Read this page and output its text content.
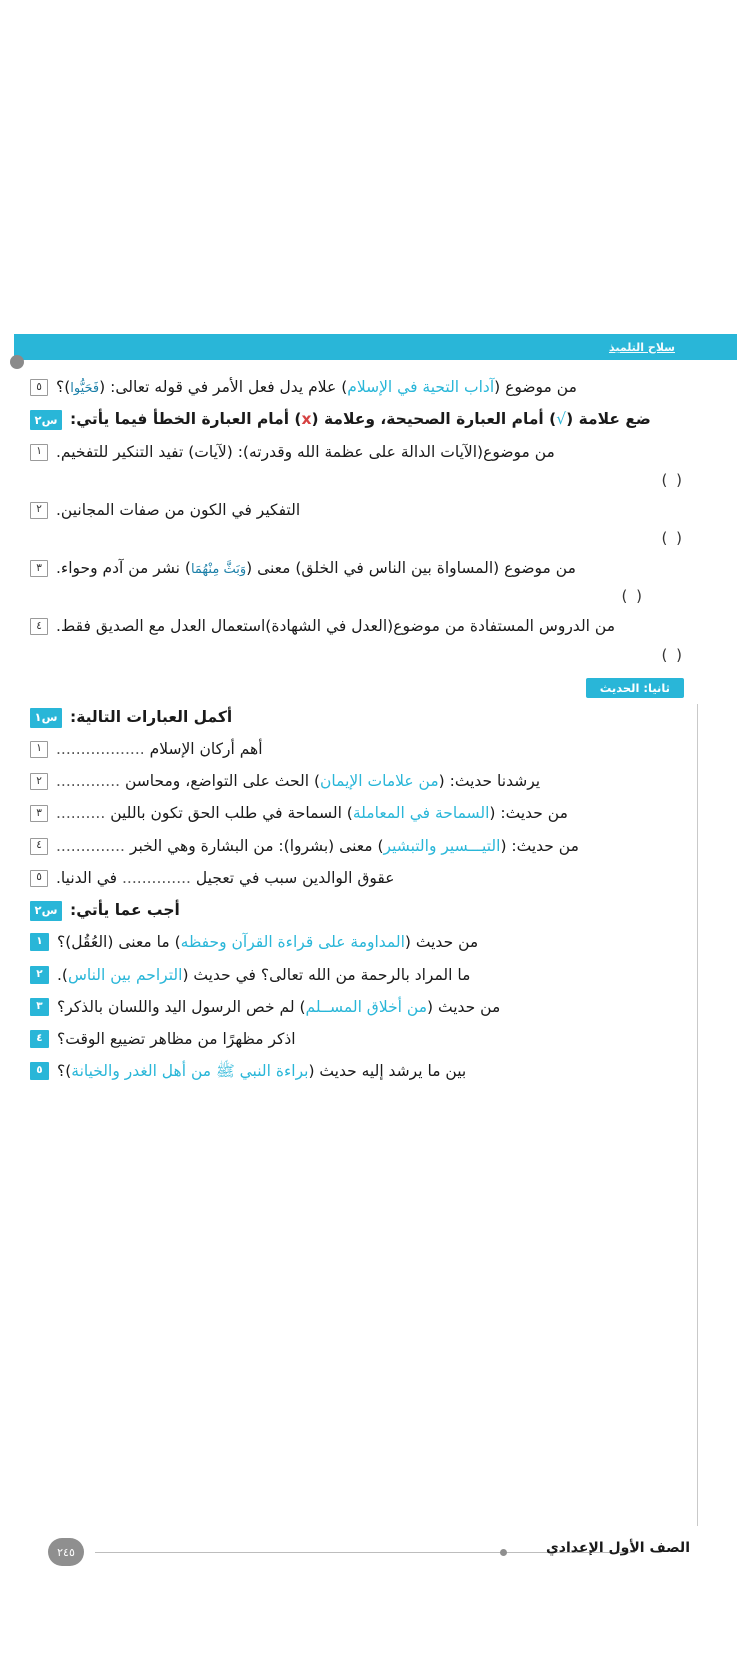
سلاح التلميذ
من موضوع (آداب التحية في الإسلام) علام يدل فعل الأمر في قوله تعالى: (فَحَيُّوا)؟
٥
ضع علامة (√) أمام العبارة الصحيحة، وعلامة (x) أمام العبارة الخطأ فيما يأتي:
س٢
من موضوع(الآيات الدالة على عظمة الله وقدرته): (لآيات) تفيد التنكير للتفخيم.
١
( )
التفكير في الكون من صفات المجانين.
٢
( )
من موضوع (المساواة بين الناس في الخلق) معنى (وَبَثَّ مِنْهُمَا) نشر من آدم وحواء.
٣
( )
من الدروس المستفادة من موضوع(العدل في الشهادة)استعمال العدل مع الصديق فقط.
٤
( )
ثانيا: الحديث
أكمل العبارات التالية:
س١
أهم أركان الإسلام ..................
١
يرشدنا حديث: (من علامات الإيمان) الحث على التواضع، ومحاسن .............
٢
من حديث: (السماحة في المعاملة) السماحة في طلب الحق تكون باللين ..........
٣
من حديث: (التيـــسير والتبشير) معنى (بشروا): من البشارة وهي الخبر ..............
٤
عقوق الوالدين سبب في تعجيل .............. في الدنيا.
٥
أجب عما يأتي:
س٢
من حديث (المداومة على قراءة القرآن وحفظه) ما معنى (العُقُل)؟
١
ما المراد بالرحمة من الله تعالى؟ في حديث (التراحم بين الناس).
٢
من حديث (من أخلاق المســلم) لم خص الرسول اليد واللسان بالذكر؟
٣
اذكر مظهرًا من مظاهر تضييع الوقت؟
٤
بين ما يرشد إليه حديث (براءة النبي ﷺ من أهل الغدر والخيانة)؟
٥
٢٤٥	الصف الأول الإعدادي
